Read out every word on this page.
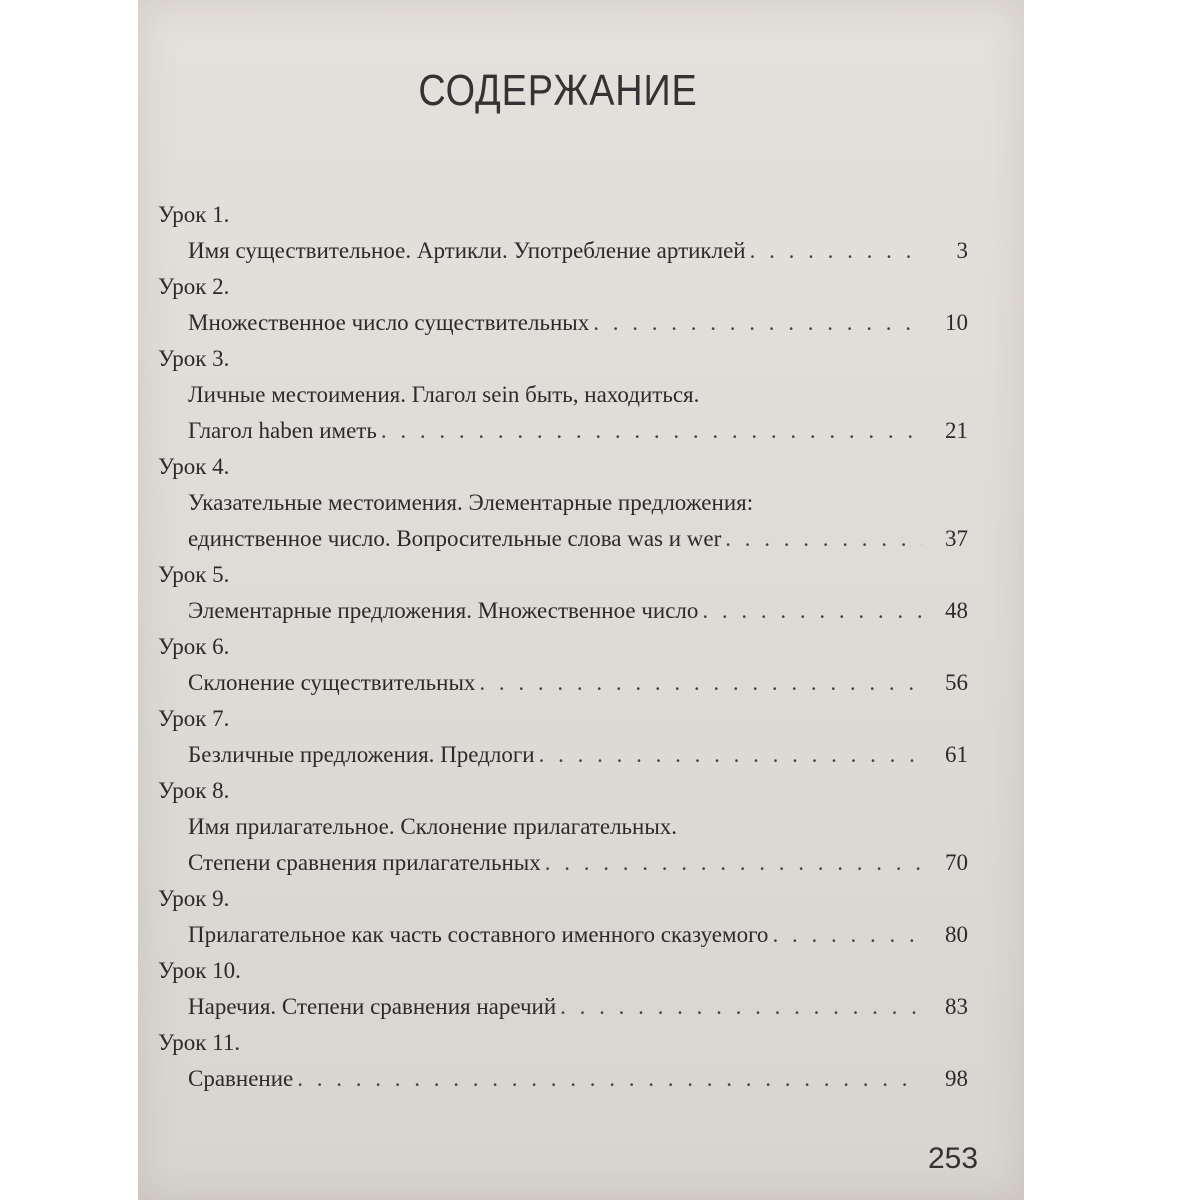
СОДЕРЖАНИЕ
Урок 1.
Имя существительное. Артикли. Употребление артиклей . . .	3
Урок 2.
Множественное число существительных . . .	10
Урок 3.
Личные местоимения. Глагол sein быть, находиться.
Глагол haben иметь . . .	21
Урок 4.
Указательные местоимения. Элементарные предложения:
единственное число. Вопросительные слова was и wer . . .	37
Урок 5.
Элементарные предложения. Множественное число . . .	48
Урок 6.
Склонение существительных . . .	56
Урок 7.
Безличные предложения. Предлоги . . .	61
Урок 8.
Имя прилагательное. Склонение прилагательных.
Степени сравнения прилагательных . . .	70
Урок 9.
Прилагательное как часть составного именного сказуемого . . .	80
Урок 10.
Наречия. Степени сравнения наречий . . .	83
Урок 11.
Сравнение . . .	98
253
